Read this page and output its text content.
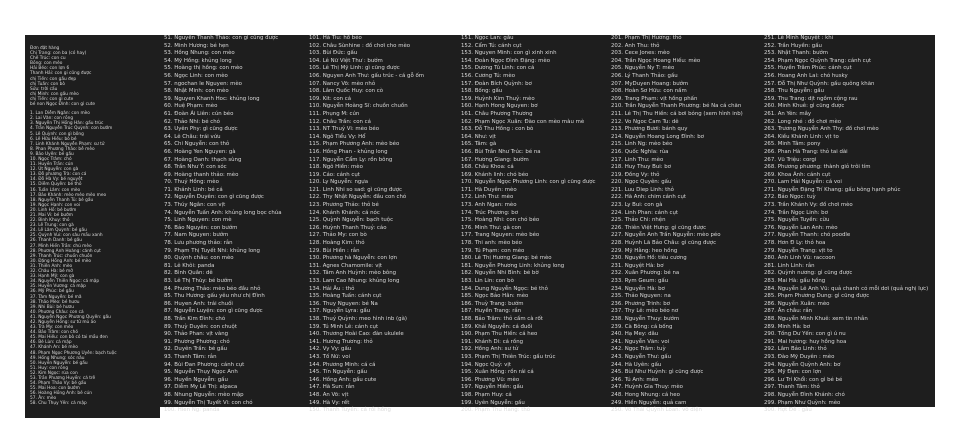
Đơn đặt hàng
Chị Trang: con ba (có hay)
Chế Trúc: con cu
Bồng: con mèo
Hải Béo: con lợn 6
Thanh Hải: con gi cũng được
chị Tiến: con gấu đẹp
chị Tuấn: con bò
Sửu: trời cấu
chị Minh: con gấu mèo
chị Tiến: con gì cute
bé non Ngọc Đình: con gì cute
1. Lan Diễm Ngân: con mèo
2. Lai Văn: con rồng
3. Nguyễn Thị Hồng Hân: gấu trúc
4. Trần Nguyễn Trúc Quỳnh: con bướm
5. Lê Quỳnh: con gì bông
6. Lê Hữu Hiếu: bò bé
7. Linh Khánh Nguyễn Phạm: sư tử
8. Phan Phương Thảo: bê mèo
9. Bảo Uyên: bé gấu
10. Ngọc Trâm: chó
11. Huyền Trần: cún
12. Út Nguyễn: con gà
13. Đỗ phương Trà: con cá
14. Đỗ Hà Vy: bé nguyệt
15. Diễm Quyên: bé thỏ
16. Tuấn Lâm: con mèo
17. Bảo Khánh: mèo mèo mèo meo
18. Nguyễn Thanh Tú: bé gấu
19. Ngọc Hạnh: con voi
20. Linh Hồ: bé bướm
21. Mai Vi: bé bướm
22. Bình Khuy: thỏ
23. Lê Trung: con gà
24. Lê Lâm Quỳnh: bé gấu
25. Quỳnh Vui: con sâu mầu xanh
26. Thanh Danh: bé gấu
27. Minh Hiền Trần: chú mèo
28. Phương Anh Hoàng: cánh cụt
29. Thanh Trúc: chuồn chuồn
30. Đặng Hồng Anh: bé mèo
31. Thiên Anh: mèo
32. Châu Hà: bé mỡ
33. Hạnh Mỹ: con gà
34. Nguyễn Thiên Ngọc: cá mập
35. Huyền Vương: cá mập
36. Mỹ Phúc: bé gấu
37. Tâm Nguyễn: bé mã
38. Thảo Mèo: bé hươu
39. Nhi Bùi: bé hươu
40. Phương Châu: con cá
41. Nguyễn Ngọc Phương Quyên: gấu
42. Nguyễn Hồng: sư tử mù ảo
43. Trà My: con mèo
44. Bảo Trâm: con chó
45. Mai Hiếu: con bò có tai mầu đen
46. Bé Lùn: cá mập
47. Khánh An: bé mèo
48. Phạm Ngọc Phương Uyên: bạch tuộc
49. Hồng Nhung: sóc nâu
50. Huyền Nguyễn: bé gấu
51. Huy: con rồng
52. Kim Ngọc: rùa con
53. Trần Phương Huyền: cá trê
54. Phạm Thảo Vy: bé gấu
55. Mai Hoa: con bướm
56. Hoàng Hồng Anh: bé cún
57. Ân: mèo
58. Chu Thụy Yến: cá mập
51. Nguyễn Thanh Thảo: con gì cũng được
52. Minh Hương: bé hẹn
53. Hồng Nhung: con mèo
54. Mỹ Hồng: khủng long
55. Hoàng thị hồng: con mèo
56. Ngọc Linh: con mèo
57. ngochan le Nguyen: mèo
58. Nhật Minh: con mèo
59. Nguyen Khanh Hoc: khủng long
60. Huệ Phạm: mèo
61. Đoàn Ái Liên: cún béo
62. Thảo Nhi: bé chó
63. Uyên Phy: gì cũng được
64. Lê Châu: trái vứu
65. Chi Nguyễn: con thỏ
66. Hoàng Yen Nguyen: gà
67. Hoàng Oanh: thạch sùng
68. Trần Như Ý: con sóc
69. Hoàng thanh thảo: mèo
70. Thuý Hồng: mèo
71. Khánh Linh: bé cá
72. Nguyễn Duyên: con gì cũng được
73. Thúy Ngân: con vịt
74. Nguyễn Tuấn Anh: khủng long bọc chúa
75. Linh Nguyen: con mè
76. Bảo Nguyên: con bướm
77. Nam Nguyen: bướm
78. Lưu phương thảo: rắn
79. Phạm Thị Tuyết Nhi: khủng long
80. Quỳnh châu: con mèo
81. Lê Khôi: panda
82. Bình Quân: dê
83. Lê Thị Thùy: bé bướm
84. Phương Thảo: mèo béo đầu nhỏ
85. Thu Hương: gấu yêu như chị Đình
86. Huyen Anh: trái chuối
87. Nguyễn Luyện: con gì cũng được
88. Trần Kim Đình: chó
89. Thuỳ Duyên: con chuột
90. Thảo Phan: vịt vàng
91. Phương Phương: chó
92. Duyên Trần: bé gấu
93. Thanh Tâm: rắn
94. Bùi Đan Phương: cánh cụt
95. Nguyễn Thụy Ngọc Anh
96. Huyền Nguyễn: gấu
97. Diễm My Lê Thị: alpaca
98. Nhung Nguyễn: mèo mập
99. Nguyễn Thị Tuyết Vi: con chó
100. Hien Ng: panda
101. Hà Tiu: hổ béo
102. Châu Sùnhine : đồ chơi cho mèo
103. Bùi Đức: gấu
104. Lê Nữ Việt Thư : bướm
105. Lê Thị Mỹ Linh: gì cũng được
106. Nguyen Anh Thư: gấu trúc - cá gỗ ốm
107. Nancy Võ: mèo nhỏ
108. Lâm Quốc Huy: con cò
109. Kit: con cá
110. Nguyễn Hoàng Sĩ: chuồn chuồn
111. Phụng M: cún
112. Châu Trần: con cá
113. NT Thuý Vi: mèo béo
114. Ngô Tiểu Vy: Hổ
115. Phạm Phương Anh: mèo béo
116. Hồng Phan - khủng long
117. Nguyễn Cẩm Ly: rồn bông
118. Ngô Hiền: mèo
119. Cáo: cánh cụt
120. Ly Nguyễn: ngựa
121. Linh Nhi so sad: gì cũng được
122. Thy Nhật Nguyễn: đầu con chó
123. Phương Thảo: thỏ bé
124. Khánh Khánh: cá nóc
125. Quỳnh Nguyễn: bạch tuộc
126. Huỳnh Thanh Thuý: cáo
127. Thảo My: con bò
128. Hoàng Kim: thỏ
129. Bùi Hiền : rắn
130. Phương hà Nguyễn: con lợn
131. Agnes Chamomile: vịt
132. Tâm Anh Huỳnh: mèo bông
133. Lam Cao Nhung: khủng long
134. Hải Âu : thỏ
135. Hoàng Tuấn: cánh cụt
136. Thuy Nguyen: bé Na
137. Nguyễn Lyra: gấu
138. Thuý Quỳnh: meo hình inb (gà)
139. Tú Minh Lê: cánh cụt
140. Thương Hoài Cao: đàn ukulele
141. Hương Trương: thỏ
142. Vy Vy: gấu
143. Tố Nữ: voi
144. Phương Minh: cá cá
145. Tín Nguyễn: gấu
146. Hồng Anh: gấu cute
147. Hà Sun: rắn
148. An Võ: vịt
149. Hà Vy: rết
150. Thanh Tuyền: cá rồi hồng
151. Ngọc Lan: gấu
152. Cẩm Tú: cánh cụt
153. Nguyen Minh: con gì xinh xinh
154. Đoàn Ngọc Đình Đặng: mèo
155. Dương Tú Linh: con cá
156. Cương Tú: mèo
157. Đoàn Bích Quỳnh: bơ
158. Bống: gấu
159. Huỳnh Kim Thuỷ: mèo
160. Hạnh Hong Nguyen: bơ
161. Châu Phương Thương
162. Phạm Ngọc Xuân: Đào con mèo màu mè
163. Đỗ Thu Hồng : con bò
164. Như: vịt
165. Tâm: gà
166. Bùi Trần Như Trúc: bé na
167. Hương Giang: bướm
168. Châu Khoa: cá
169. Khánh linh: chó béo
170. Nguyễn Ngọc Phương Linh: con gì cũng được
171. Hà Duyên: mèo
172. Linh Thư: mèo
173. Anh Ngan: mèo
174. Trúc Phương: bơ
175. Hoàng Nhi: con chó béo
176. Minh Thư: gà con
177. Trang Nguyen: mèo béo
178. Thi anh: mèo béo
179. Tú Phạm: con mèo
180. Lê Thị Hương Giang: bé mèo
181. Nguyễn Phương Linh: khủng long
182. Nguyễn Nhi Bình: bé bờ
183. Lin Lin: con bò
184. Dung Nguyễn Ngọc: bé thỏ
185. Ngọc Bảo Hân: mèo
186. Thuỳ Trang: bướm
187. Huyền Trang: rắn
188. Bảo Trâm: thỏ cầm cà rốt
189. Khải Nguyễn: cá đuối
190. Phạm Thu Hiền: cá heo
191. Khánh Di: cá rồng
192. Hồng Anh: sư tử
193. Phạm Thị Thiên Trúc: gấu trúc
194. Ngọc Quý: vịt
195. Xuân Hồng: rồn rái cá
196. Phương Vũ: mèo
197. Nguyễn Hiền: gấu
198. Phạm Huy: cá
199. Uyên Nguyễn: gấu
200. Phạm Thu Hang: thỏ
201. Phạm Thị Hương: thỏ
202. Anh Thu: thỏ
203. Cece Jones: mèo
204. Trần Ngọc Hoang Hiếu: mèo
205. Nguyễn Ny T: mèo
206. Lý Thanh Thảo: gấu
207. MyDuyen Hoang: bướm
208. Hoàn Sơ Hữu: con nấm
209. Trang Phạm: vịt hồng phấn
210. Trần Nguyễn Thanh Phương: bé Na cá chăn
211. Lê Thị Thu Hiền: cá bơi bóng (xem hình inb)
212. Vo Ngoc Cam Tu: dê
213. Phương Bươi: bánh quy
214. Nguyễn Hoang Long Đình: bơ
215. Linh Ng: mèo béo
216. Quốc Nghĩa: rùa
217. Linh Thu: mèo
218. Huy Thuy Bui: bơ
219. Đồng Vy: thỏ
220. Ngọc Quyên: gấu
221. Luu Diep Linh: thỏ
222. Hà Anh: chim cánh cụt
223. Ly Bui: con gà
224. Linh Phan: cánh cụt
225. Thảo Chi: nhện
226. Thiên Việt Hưng: gì cũng được
227. Nguyễn Anh Trần Nguyễn: mèo péo
228. Huỳnh Lã Bảo Châu: gì cũng được
229. Mỹ Hằng: heo hồng
230. Nguyễn Hồ: tiêu cương
231. Nguyệt Hà: bơ
232. Xuân Phương: bé na
233. Rym Geum: gấu
234. Nguyễn Hà: bơ
235. Thảo Nguyen: na
236. Phương Trinh: bơ
237. Thy Lê: mèo béo nơ
238. Nguyễn Thuy: bướm
239. Cà Bông: cá bống
240. Hạ Mey: dâu
241. Nguyễn Văn: voi
242. Ngọc Trâm: tuỳ
243. Nguyễn Thư: gấu
244. Hà Uyên: gấu
245. Bùi Như Huỳnh: gì cũng được
246. Tú Anh: mèo
247. Huỳnh Gia Thuy: mèo
248. Hong Nhung: cá heo
249. Hiền Nguyễn: quả cam
250. Võ Thái Quỳnh Loan: vô diện
251. Lê Minh Nguyệt : khỉ
252. Trần Huyền: gấu
253. Nhật Thanh: bướm
254. Phạm Ngọc Quỳnh Trang: cánh cụt
255. Huyền Trâm Phúc: cánh cụt
256. Hoang Anh Lai: chó husky
257. Đỗ Thị Như Quỳnh: gấu quông khăn
258. Thu Nguyễn: gấu
259. Thu Trang: dịt ngồm cộng rau
260. Minh Khuê: gì cũng được
261. An Yên: mây
262. Long nhé : đồ chơi mèo
263. Trương Nguyễn Anh Thy: đồ chơi mèo
264. Kiều Khánh Linh: vịt to
265. Minh Tâm: pony
266. Phan Hà Trang: thỏ tai dài
267. Vũ Triệu: corgi
268. Phương phương: thành giỏ trôi tím
269. Khoa Ánh: cánh cụt
270. Lam Hải Nguyễn: cá voi
271. Nguyễn Đặng Trí Khang: gấu bông hạnh phúc
272. Bảo Ngọc: tuỳ
273. Trần Khánh Vy: đồ chơi mèo
274. Trần Ngọc Linh: bơ
275. Nguyễn Tuyền: cừu
276. Nguyễn Lan Anh: mèo
277. Nguyễn Thanh: chó poodle
278. Hơn Đ Ly: thỏ hoa
279. Nguyễn Trang: vịt to
280. Ánh Linh Vũ: raccoon
281. Linh Linh: rắn
282. Quỳnh nương: gì cũng được
283. Mai Hà: gấu hồng
284. Nguyễn Lê Anh Vũ: quả chanh có mỗi dơi (quả nghị lực)
285. Phạm Phương Dung: gì cũng được
286. Nguyễn Xuân: mèo
287. Ân châu: rắn
288. Nguyễn Minh Khuê: xem tin nhắn
289. Minh Hà: bơ
290. Tống Dư Yến: con gì ú nu
291. Mai hương: huy hồng hoa
292. Lâm Bảo Linh: thỏ
293. Đào Mỹ Duyên : mèo
294. Nguyễn Quỳnh Anh: bơ
295. Mỹ Đẹn: con lợn
296. Lư Trí Khổi: con gì bé bé
297. Thanh Tâm: thỏ
298. Nguyễn Đình Khánh: chó
299. Phạm Như Quỳnh: mèo
300. Hợt Đê : gấu
